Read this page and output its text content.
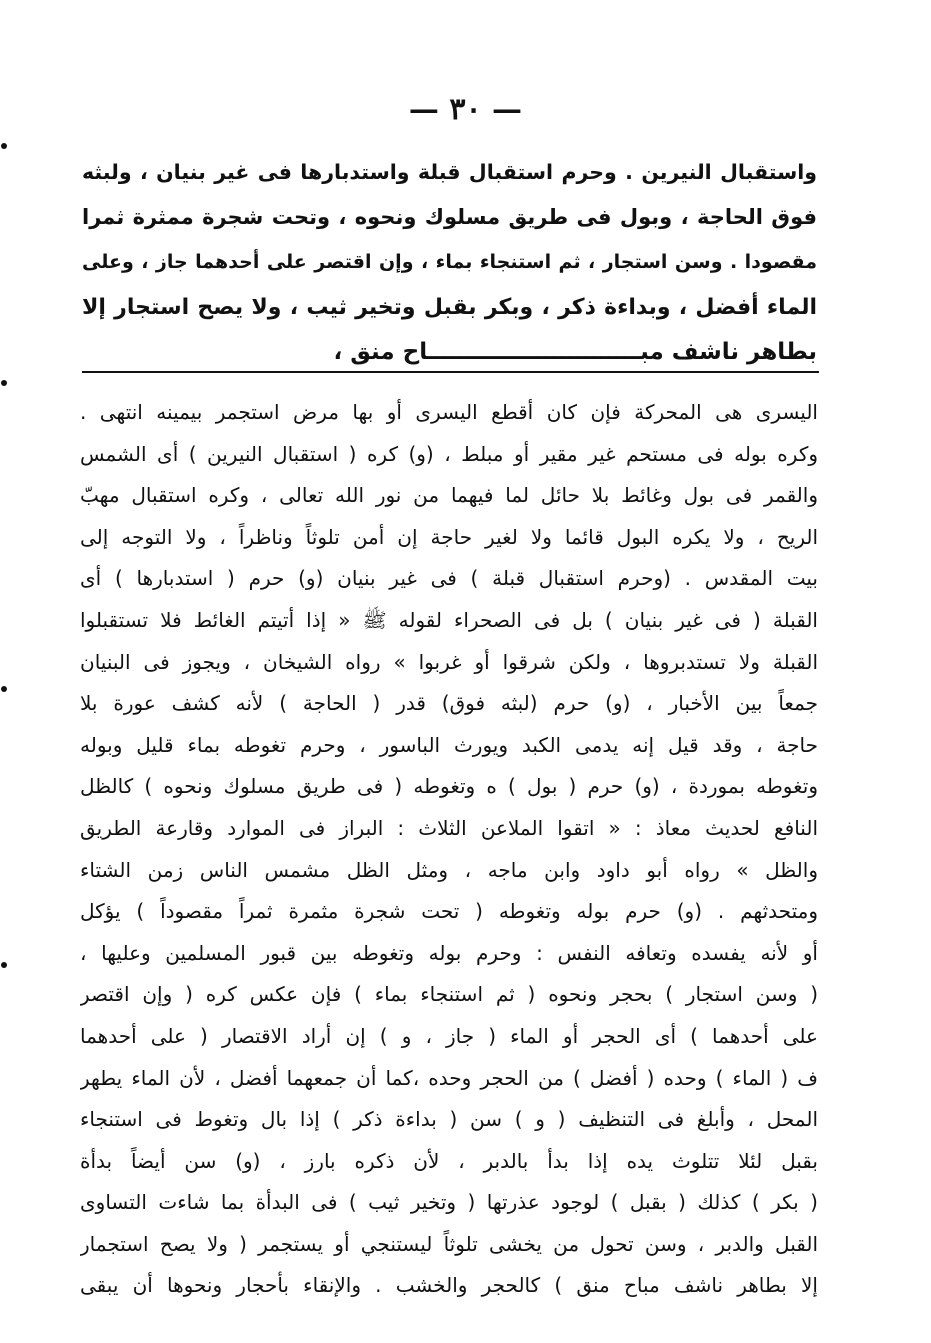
— ٣٠ —
واستقبال النيرين . وحرم استقبال قبلة واستدبارها فى غير بنيان ، ولبثه
فوق الحاجة ، وبول فى طريق مسلوك ونحوه ، وتحت شجرة ممثرة ثمرا
مقصودا . وسن استجار ، ثم استنجاء بماء ، وإن اقتصر على أحدهما جاز ، وعلى
الماء أفضل ، وبداءة ذكر ، وبكر بقبل وتخير ثيب ، ولا يصح استجار إلا
بطاهر ناشف مبـــــــــــــــــــــــــــاح منق ،
اليسرى هى المحركة فإن كان أقطع اليسرى أو بها مرض استجمر بيمينه انتهى .
وكره بوله فى مستحم غير مقير أو مبلط ، (و) كره ( استقبال النيرين ) أى الشمس
والقمر فى بول وغائط بلا حائل لما فيهما من نور الله تعالى ، وكره استقبال مهبّ
الريح ، ولا يكره البول قائما ولا لغير حاجة إن أمن تلوثاً وناظراً ، ولا التوجه إلى
بيت المقدس . (وحرم استقبال قبلة ) فى غير بنيان (و) حرم ( استدبارها ) أى
القبلة ( فى غير بنيان ) بل فى الصحراء لقوله ﷺ « إذا أتيتم الغائط فلا تستقبلوا
القبلة ولا تستدبروها ، ولكن شرقوا أو غربوا » رواه الشيخان ، ويجوز فى البنيان
جمعاً بين الأخبار ، (و) حرم (لبثه فوق) قدر ( الحاجة ) لأنه كشف عورة بلا
حاجة ، وقد قيل إنه يدمى الكبد ويورث الباسور ، وحرم تغوطه بماء قليل وبوله
وتغوطه بموردة ، (و) حرم ( بول ) ه وتغوطه ( فى طريق مسلوك ونحوه ) كالظل
النافع لحديث معاذ : « اتقوا الملاعن الثلاث : البراز فى الموارد وقارعة الطريق
والظل » رواه أبو داود وابن ماجه ، ومثل الظل مشمس الناس زمن الشتاء
ومتحدثهم . (و) حرم بوله وتغوطه ( تحت شجرة مثمرة ثمراً مقصوداً ) يؤكل
أو لأنه يفسده وتعافه النفس : وحرم بوله وتغوطه بين قبور المسلمين وعليها ،
( وسن استجار ) بحجر ونحوه ( ثم استنجاء بماء ) فإن عكس كره ( وإن اقتصر
على أحدهما ) أى الحجر أو الماء ( جاز ، و ) إن أراد الاقتصار ( على أحدهما
ف ( الماء ) وحده ( أفضل ) من الحجر وحده ،كما أن جمعهما أفضل ، لأن الماء يطهر
المحل ، وأبلغ فى التنظيف ( و ) سن ( بداءة ذكر ) إذا بال وتغوط فى استنجاء
بقبل لئلا تتلوث يده إذا بدأ بالدبر ، لأن ذكره بارز ، (و) سن أيضاً بدأة
( بكر ) كذلك ( بقبل ) لوجود عذرتها ( وتخير ثيب ) فى البدأة بما شاءت التساوى
القبل والدبر ، وسن تحول من يخشى تلوثاً ليستنجي أو يستجمر ( ولا يصح استجمار
إلا بطاهر ناشف مباح منق ) كالحجر والخشب . والإنقاء بأحجار ونحوها أن يبقى
